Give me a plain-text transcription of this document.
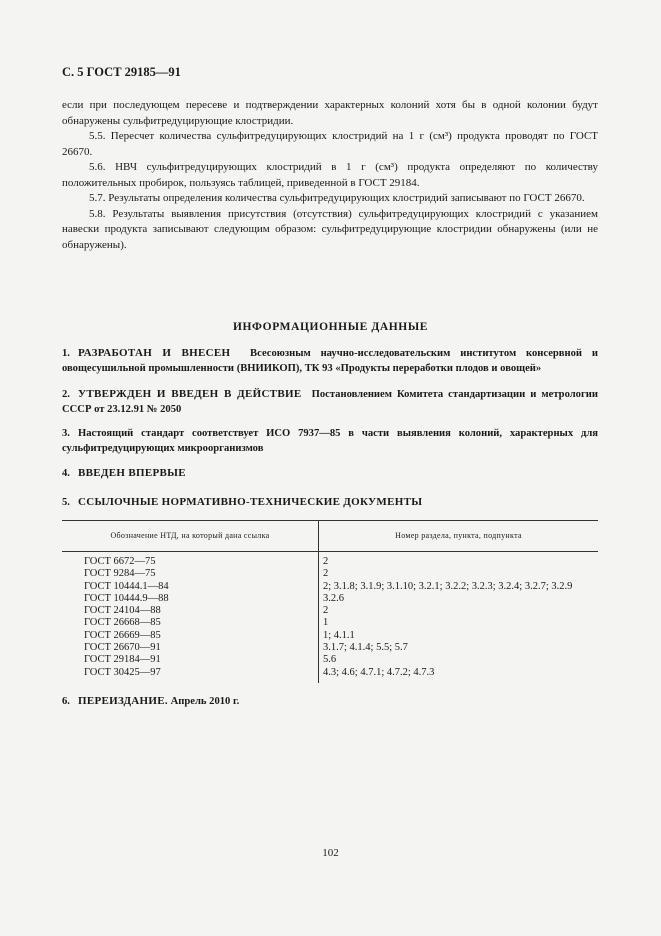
С. 5 ГОСТ 29185—91

если при последующем пересеве и подтверждении характерных колоний хотя бы в одной колонии будут обнаружены сульфитредуцирующие клостридии.

5.5. Пересчет количества сульфитредуцирующих клостридий на 1 г (см³) продукта проводят по ГОСТ 26670.

5.6. НВЧ сульфитредуцирующих клостридий в 1 г (см³) продукта определяют по количеству положительных пробирок, пользуясь таблицей, приведенной в ГОСТ 29184.

5.7. Результаты определения количества сульфитредуцирующих клостридий записывают по ГОСТ 26670.

5.8. Результаты выявления присутствия (отсутствия) сульфитредуцирующих клостридий с указанием навески продукта записывают следующим образом: сульфитредуцирующие клостридии обнаружены (или не обнаружены).

ИНФОРМАЦИОННЫЕ ДАННЫЕ
1. РАЗРАБОТАН И ВНЕСЕН Всесоюзным научно-исследовательским институтом консервной и овощесушильной промышленности (ВНИИКОП), ТК 93 «Продукты переработки плодов и овощей»
2. УТВЕРЖДЕН И ВВЕДЕН В ДЕЙСТВИЕ Постановлением Комитета стандартизации и метрологии СССР от 23.12.91 № 2050
3. Настоящий стандарт соответствует ИСО 7937—85 в части выявления колоний, характерных для сульфитредуцирующих микроорганизмов
4. ВВЕДЕН ВПЕРВЫЕ
5. ССЫЛОЧНЫЕ НОРМАТИВНО-ТЕХНИЧЕСКИЕ ДОКУМЕНТЫ
6. ПЕРЕИЗДАНИЕ. Апрель 2010 г.
Обозначение НТД, на который дана ссылка	Номер раздела, пункта, подпункта
ГОСТ 6672—75	2
ГОСТ 9284—75	2
ГОСТ 10444.1—84	2; 3.1.8; 3.1.9; 3.1.10; 3.2.1; 3.2.2; 3.2.3; 3.2.4; 3.2.7; 3.2.9
ГОСТ 10444.9—88	3.2.6
ГОСТ 24104—88	2
ГОСТ 26668—85	1
ГОСТ 26669—85	1; 4.1.1
ГОСТ 26670—91	3.1.7; 4.1.4; 5.5; 5.7
ГОСТ 29184—91	5.6
ГОСТ 30425—97	4.3; 4.6; 4.7.1; 4.7.2; 4.7.3
102
